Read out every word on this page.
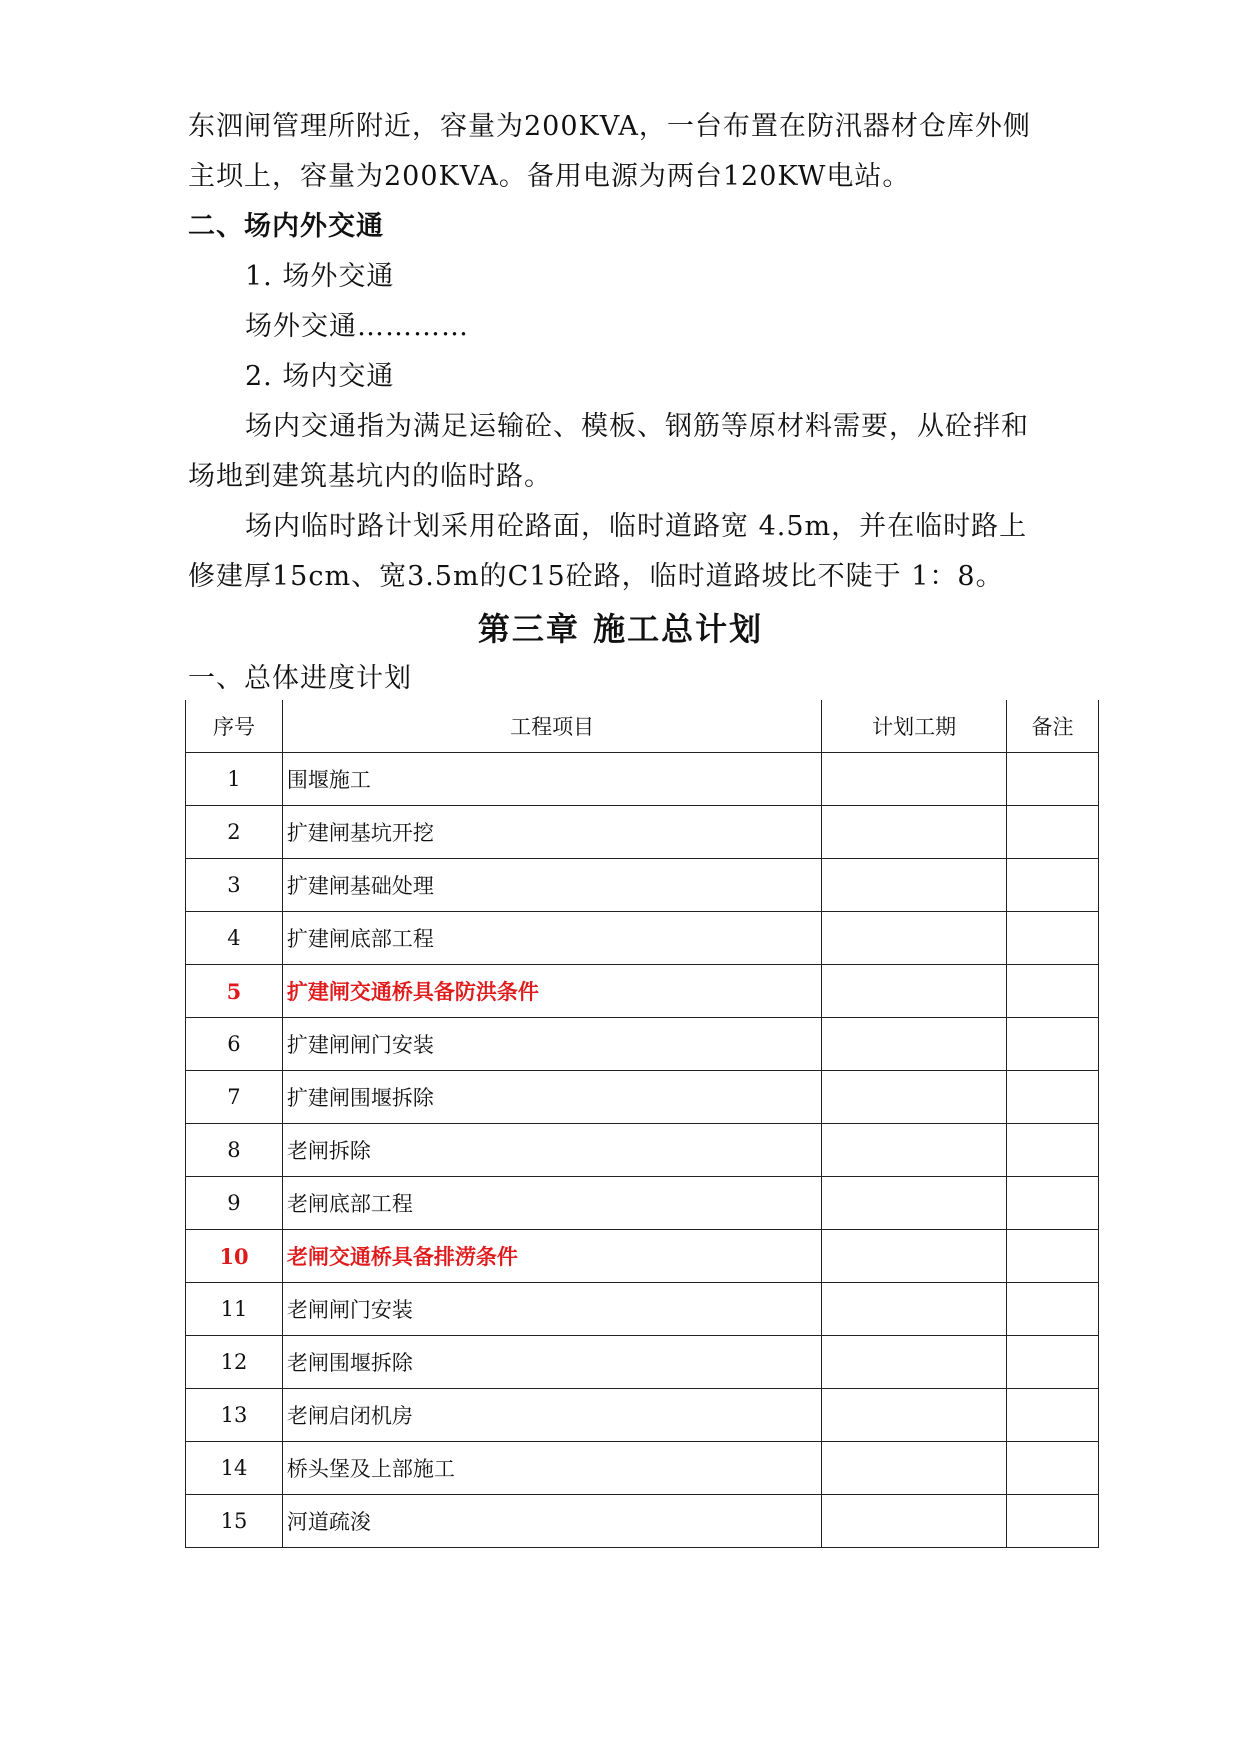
东泗闸管理所附近，容量为200KVA，一台布置在防汛器材仓库外侧
主坝上，容量为200KVA。备用电源为两台120KW电站。
二、场内外交通
1. 场外交通
场外交通…………
2. 场内交通
场内交通指为满足运输砼、模板、钢筋等原材料需要，从砼拌和
场地到建筑基坑内的临时路。
场内临时路计划采用砼路面，临时道路宽 4.5m，并在临时路上
修建厚15cm、宽3.5m的C15砼路，临时道路坡比不陡于 1：8。
第三章 施工总计划
一、总体进度计划
序号	工程项目	计划工期	备注
1	围堰施工		
2	扩建闸基坑开挖		
3	扩建闸基础处理		
4	扩建闸底部工程		
5	扩建闸交通桥具备防洪条件		
6	扩建闸闸门安装		
7	扩建闸围堰拆除		
8	老闸拆除		
9	老闸底部工程		
10	老闸交通桥具备排涝条件		
11	老闸闸门安装		
12	老闸围堰拆除		
13	老闸启闭机房		
14	桥头堡及上部施工		
15	河道疏浚		
